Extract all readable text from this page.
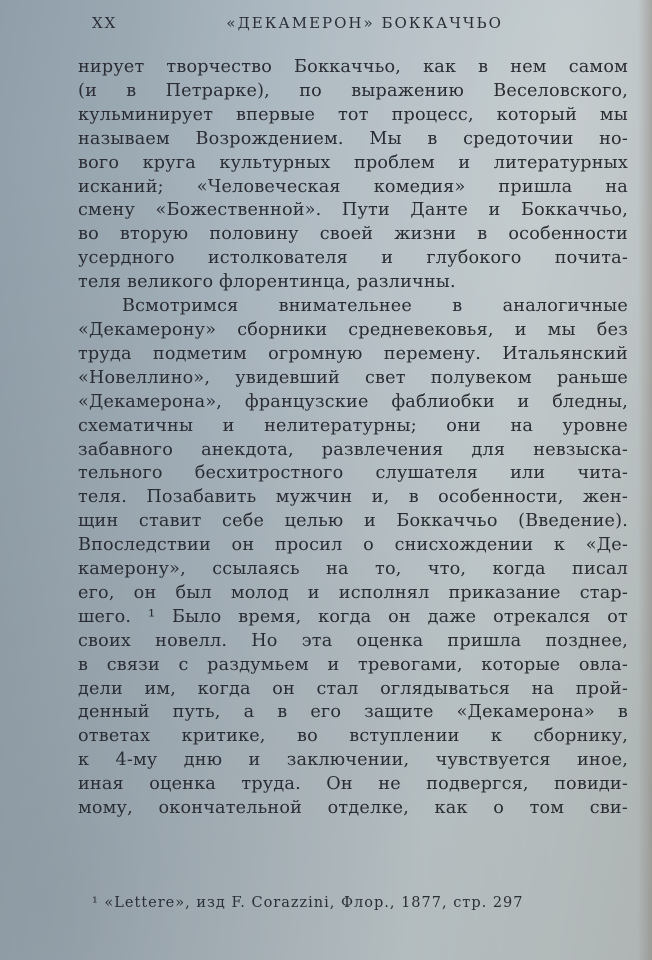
XX	«ДЕКАМЕРОН» БОККАЧЧЬО
нирует творчество Боккаччьо, как в нем самом
(и в Петрарке), по выражению Веселовского,
кульминирует впервые тот процесс, который мы
называем Возрождением. Мы в средоточии но-
вого круга культурных проблем и литературных
исканий; «Человеческая комедия» пришла на
смену «Божественной». Пути Данте и Боккаччьо,
во вторую половину своей жизни в особенности
усердного истолкователя и глубокого почита-
теля великого флорентинца, различны.
Всмотримся внимательнее в аналогичные
«Декамерону» сборники средневековья, и мы без
труда подметим огромную перемену. Итальянский
«Новеллино», увидевший свет полувеком раньше
«Декамерона», французские фаблиобки и бледны,
схематичны и нелитературны; они на уровне
забавного анекдота, развлечения для невзыска-
тельного бесхитростного слушателя или чита-
теля. Позабавить мужчин и, в особенности, жен-
щин ставит себе целью и Боккаччьо (Введение).
Впоследствии он просил о снисхождении к «Де-
камерону», ссылаясь на то, что, когда писал
его, он был молод и исполнял приказание стар-
шего. ¹ Было время, когда он даже отрекался от
своих новелл. Но эта оценка пришла позднее,
в связи с раздумьем и тревогами, которые овла-
дели им, когда он стал оглядываться на прой-
денный путь, а в его защите «Декамерона» в
ответах критике, во вступлении к сборнику,
к 4-му дню и заключении, чувствуется иное,
иная оценка труда. Он не подвергся, повиди-
мому, окончательной отделке, как о том сви-
¹ «Lettere», изд F. Corazzini, Флор., 1877, стр. 297
